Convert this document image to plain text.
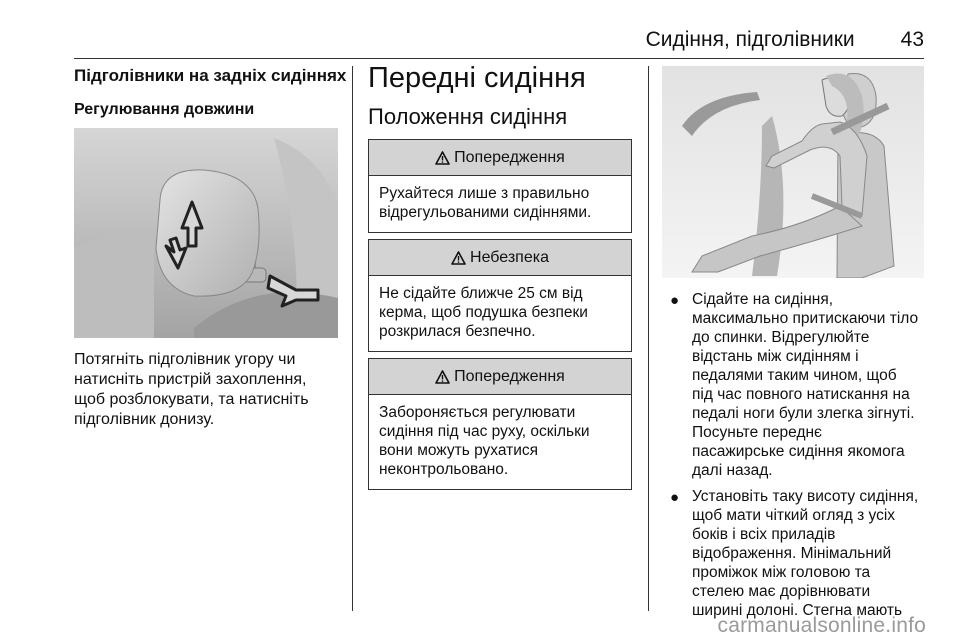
Сидіння, підголівники 43
Підголівники на задніх сидіннях
Регулювання довжини
Потягніть підголівник угору чи
натисніть пристрій захоплення,
щоб розблокувати, та натисніть
підголівник донизу.
Передні сидіння
Положення сидіння
Попередження
Рухайтеся лише з правильно
відрегульованими сидіннями.
Небезпека
Не сідайте ближче 25 см від
керма, щоб подушка безпеки
розкрилася безпечно.
Попередження
Забороняється регулювати
сидіння під час руху, оскільки
вони можуть рухатися
неконтрольовано.
● Сідайте на сидіння,
максимально притискаючи тіло
до спинки. Відрегулюйте
відстань між сидінням і
педалями таким чином, щоб
під час повного натискання на
педалі ноги були злегка зігнуті.
Посуньте переднє
пасажирське сидіння якомога
далі назад.
● Установіть таку висоту сидіння,
щоб мати чіткий огляд з усіх
боків і всіх приладів
відображення. Мінімальний
проміжок між головою та
стелею має дорівнювати
ширині долоні. Стегна мають
carmanualsonline.info
